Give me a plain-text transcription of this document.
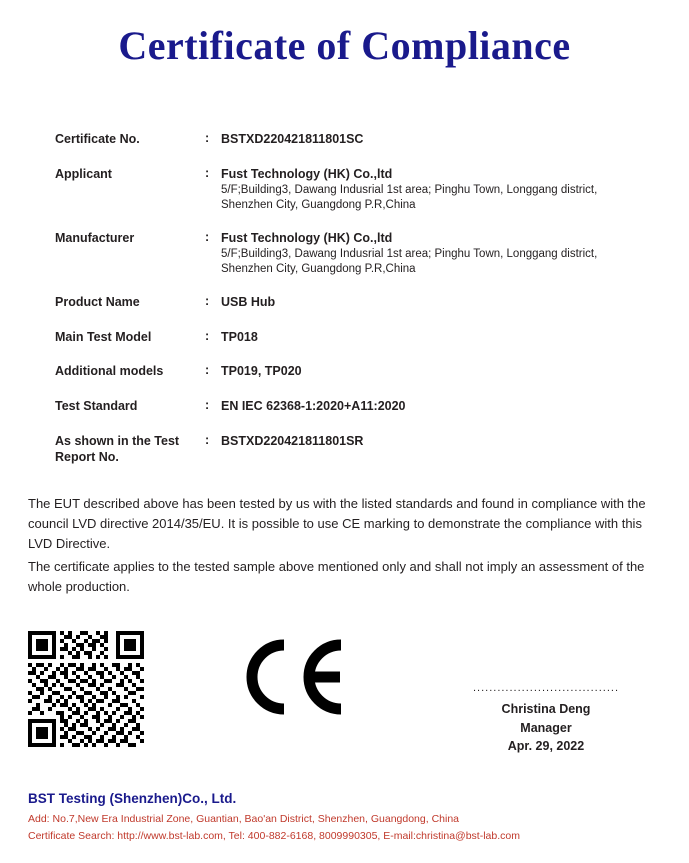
Certificate of Compliance
Certificate No.	: BSTXD220421811801SC
Applicant	: Fust Technology (HK) Co.,ltd
5/F;Building3, Dawang Indusrial 1st area; Pinghu Town, Longgang district, Shenzhen City, Guangdong P.R,China
Manufacturer	: Fust Technology (HK) Co.,ltd
5/F;Building3, Dawang Indusrial 1st area; Pinghu Town, Longgang district, Shenzhen City, Guangdong P.R,China
Product Name	: USB Hub
Main Test Model	: TP018
Additional models	: TP019, TP020
Test Standard	: EN IEC 62368-1:2020+A11:2020
As shown in the Test Report No.
: BSTXD220421811801SR

The EUT described above has been tested by us with the listed standards and found in compliance with the council LVD directive 2014/35/EU. It is possible to use CE marking to demonstrate the compliance with this LVD Directive.

The certificate applies to the tested sample above mentioned only and shall not imply an assessment of the whole production.

....................................
Christina Deng
Manager
Apr. 29, 2022
BST Testing (Shenzhen)Co., Ltd.
Add: No.7,New Era Industrial Zone, Guantian, Bao'an District, Shenzhen, Guangdong, China
Certificate Search: http://www.bst-lab.com, Tel: 400-882-6168, 8009990305, E-mail:christina@bst-lab.com
